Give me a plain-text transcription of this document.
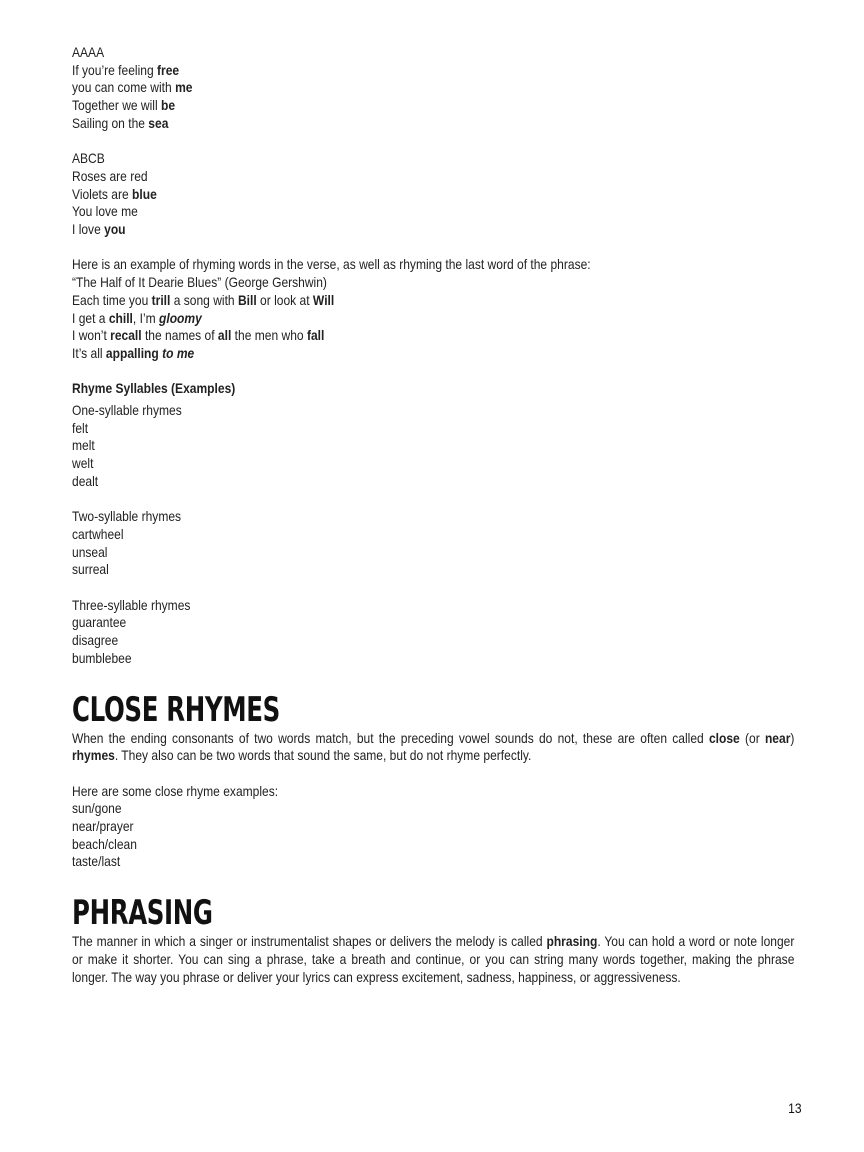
AAAA
If you’re feeling free
you can come with me
Together we will be
Sailing on the sea
ABCB
Roses are red
Violets are blue
You love me
I love you
Here is an example of rhyming words in the verse, as well as rhyming the last word of the phrase:
“The Half of It Dearie Blues” (George Gershwin)
Each time you trill a song with Bill or look at Will
I get a chill, I’m gloomy
I won’t recall the names of all the men who fall
It’s all appalling to me
Rhyme Syllables (Examples)
One-syllable rhymes
felt
melt
welt
dealt
Two-syllable rhymes
cartwheel
unseal
surreal
Three-syllable rhymes
guarantee
disagree
bumblebee
CLOSE RHYMES
When the ending consonants of two words match, but the preceding vowel sounds do not, these are often called close (or near) rhymes. They also can be two words that sound the same, but do not rhyme perfectly.
Here are some close rhyme examples:
sun/gone
near/prayer
beach/clean
taste/last
PHRASING
The manner in which a singer or instrumentalist shapes or delivers the melody is called phrasing. You can hold a word or note longer or make it shorter. You can sing a phrase, take a breath and continue, or you can string many words together, making the phrase longer. The way you phrase or deliver your lyrics can express excitement, sadness, happiness, or aggressiveness.
13
